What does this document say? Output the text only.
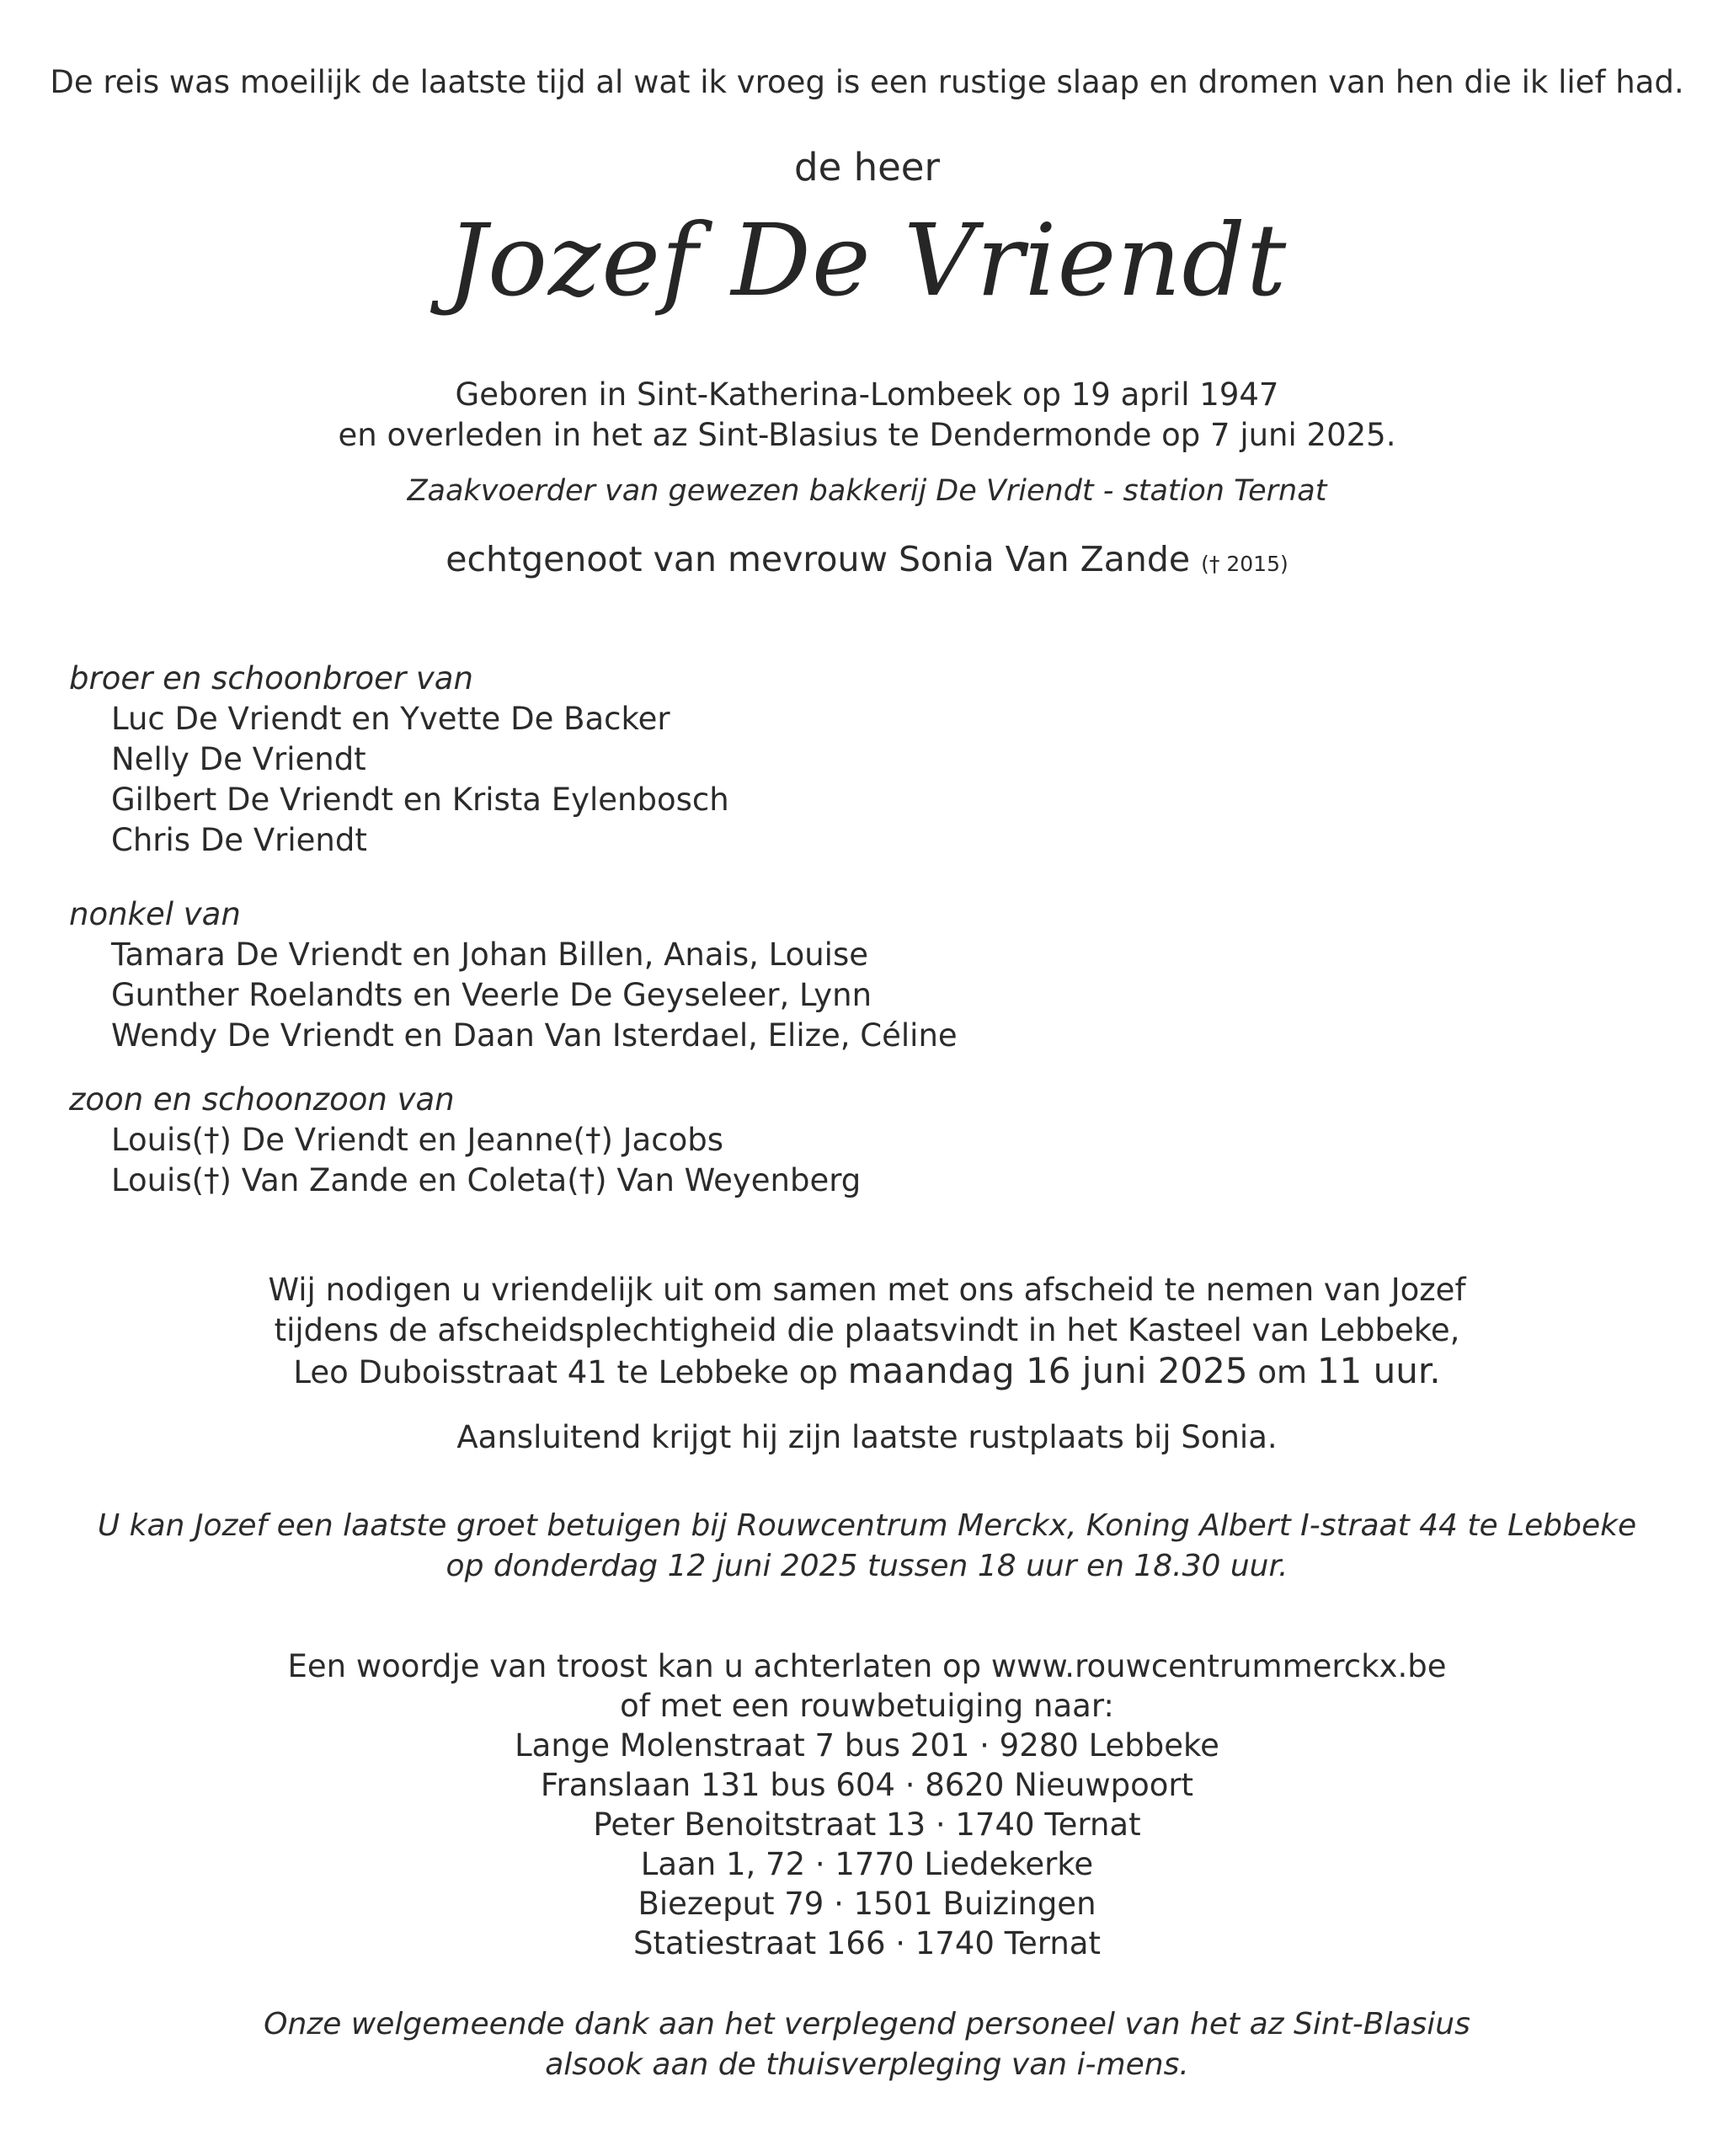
De reis was moeilijk de laatste tijd al wat ik vroeg is een rustige slaap en dromen van hen die ik lief had.
de heer
Jozef De Vriendt
Geboren in Sint-Katherina-Lombeek op 19 april 1947
en overleden in het az Sint-Blasius te Dendermonde op 7 juni 2025.
Zaakvoerder van gewezen bakkerij De Vriendt - station Ternat
echtgenoot van mevrouw Sonia Van Zande († 2015)
broer en schoonbroer van
Luc De Vriendt en Yvette De Backer
Nelly De Vriendt
Gilbert De Vriendt en Krista Eylenbosch
Chris De Vriendt
nonkel van
Tamara De Vriendt en Johan Billen, Anais, Louise
Gunther Roelandts en Veerle De Geyseleer, Lynn
Wendy De Vriendt en Daan Van Isterdael, Elize, Céline
zoon en schoonzoon van
Louis(†) De Vriendt en Jeanne(†) Jacobs
Louis(†) Van Zande en Coleta(†) Van Weyenberg
Wij nodigen u vriendelijk uit om samen met ons afscheid te nemen van Jozef
tijdens de afscheidsplechtigheid die plaatsvindt in het Kasteel van Lebbeke,
Leo Duboisstraat 41 te Lebbeke op maandag 16 juni 2025 om 11 uur.
Aansluitend krijgt hij zijn laatste rustplaats bij Sonia.
U kan Jozef een laatste groet betuigen bij Rouwcentrum Merckx, Koning Albert I-straat 44 te Lebbeke
op donderdag 12 juni 2025 tussen 18 uur en 18.30 uur.
Een woordje van troost kan u achterlaten op www.rouwcentrummerckx.be
of met een rouwbetuiging naar:
Lange Molenstraat 7 bus 201 · 9280 Lebbeke
Franslaan 131 bus 604 · 8620 Nieuwpoort
Peter Benoitstraat 13 · 1740 Ternat
Laan 1, 72 · 1770 Liedekerke
Biezeput 79 · 1501 Buizingen
Statiestraat 166 · 1740 Ternat
Onze welgemeende dank aan het verplegend personeel van het az Sint-Blasius
alsook aan de thuisverpleging van i-mens.
